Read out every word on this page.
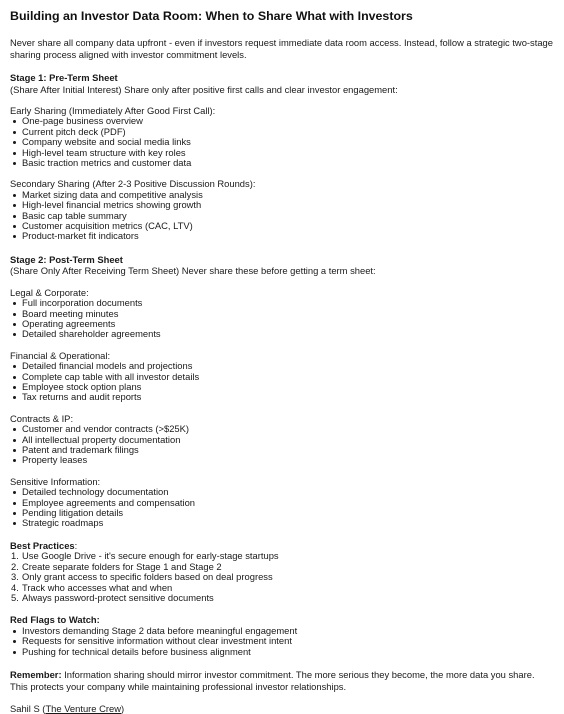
Building an Investor Data Room: When to Share What with Investors

Never share all company data upfront - even if investors request immediate data room access. Instead, follow a strategic two-stage sharing process aligned with investor commitment levels.

Stage 1: Pre-Term Sheet

(Share After Initial Interest) Share only after positive first calls and clear investor engagement:

Early Sharing (Immediately After Good First Call):

One-page business overview
Current pitch deck (PDF)
Company website and social media links
High-level team structure with key roles
Basic traction metrics and customer data

Secondary Sharing (After 2-3 Positive Discussion Rounds):

Market sizing data and competitive analysis
High-level financial metrics showing growth
Basic cap table summary
Customer acquisition metrics (CAC, LTV)
Product-market fit indicators

Stage 2: Post-Term Sheet

(Share Only After Receiving Term Sheet) Never share these before getting a term sheet:

Legal & Corporate:

Full incorporation documents
Board meeting minutes
Operating agreements
Detailed shareholder agreements

Financial & Operational:

Detailed financial models and projections
Complete cap table with all investor details
Employee stock option plans
Tax returns and audit reports

Contracts & IP:

Customer and vendor contracts (>$25K)
All intellectual property documentation
Patent and trademark filings
Property leases

Sensitive Information:

Detailed technology documentation
Employee agreements and compensation
Pending litigation details
Strategic roadmaps

Best Practices:

1. Use Google Drive - it's secure enough for early-stage startups
2. Create separate folders for Stage 1 and Stage 2
3. Only grant access to specific folders based on deal progress
4. Track who accesses what and when
5. Always password-protect sensitive documents

Red Flags to Watch:

Investors demanding Stage 2 data before meaningful engagement
Requests for sensitive information without clear investment intent
Pushing for technical details before business alignment

Remember: Information sharing should mirror investor commitment. The more serious they become, the more data you share. This protects your company while maintaining professional investor relationships.

Sahil S (The Venture Crew)
